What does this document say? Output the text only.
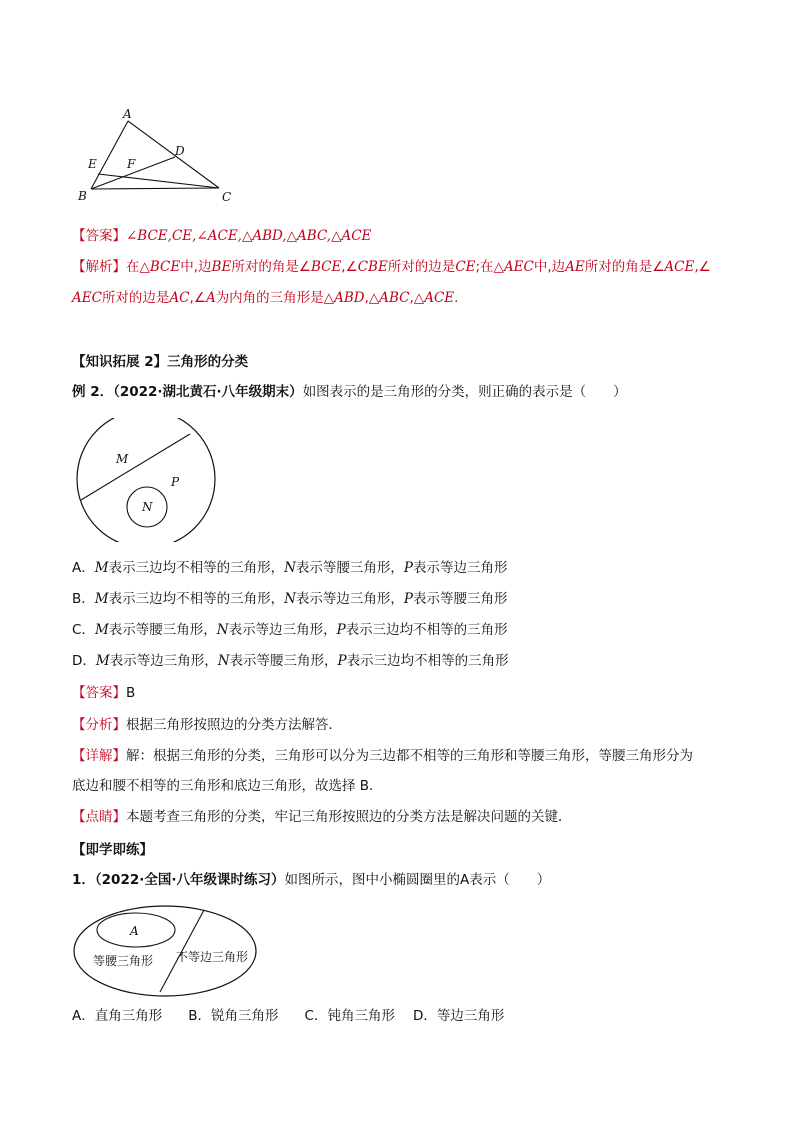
A
B	C
D
E	F
【答案】∠BCE,CE,∠ACE,△ABD,△ABC,△ACE
【解析】在△BCE中,边BE所对的角是∠BCE,∠CBE所对的边是CE;在△AEC中,边AE所对的角是∠ACE,∠
AEC所对的边是AC,∠A为内角的三角形是△ABD,△ABC,△ACE.
【知识拓展 2】三角形的分类
例 2．（2022·湖北黄石·八年级期末）如图表示的是三角形的分类，则正确的表示是（　　）
M
N
P
A．M表示三边均不相等的三角形，N表示等腰三角形，P表示等边三角形
B．M表示三边均不相等的三角形，N表示等边三角形，P表示等腰三角形
C．M表示等腰三角形，N表示等边三角形，P表示三边均不相等的三角形
D．M表示等边三角形，N表示等腰三角形，P表示三边均不相等的三角形
【答案】B
【分析】根据三角形按照边的分类方法解答．
【详解】解：根据三角形的分类，三角形可以分为三边都不相等的三角形和等腰三角形，等腰三角形分为
底边和腰不相等的三角形和底边三角形，故选择 B．
【点睛】本题考查三角形的分类，牢记三角形按照边的分类方法是解决问题的关键．
【即学即练】
1．（2022·全国·八年级课时练习）如图所示，图中小椭圆圈里的A表示（　　）
A
等腰三角形 不等边三角形
A．直角三角形 B．锐角三角形 C．钝角三角形 D．等边三角形
